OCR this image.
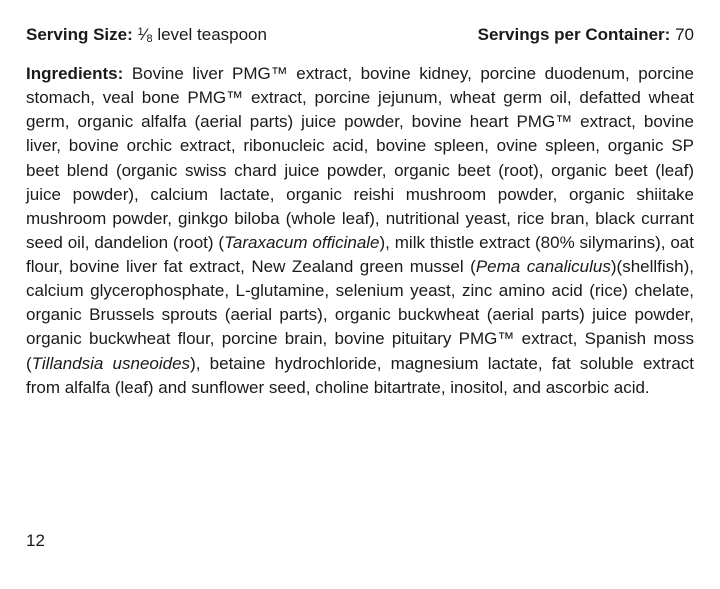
Serving Size: $^1$⁄8 level teaspoon	Servings per Container: 70

Ingredients: Bovine liver PMG™ extract, bovine kidney, porcine duodenum, porcine stomach, veal bone PMG™ extract, porcine jejunum, wheat germ oil, defatted wheat germ, organic alfalfa (aerial parts) juice powder, bovine heart PMG™ extract, bovine liver, bovine orchic extract, ribonucleic acid, bovine spleen, ovine spleen, organic SP beet blend (organic swiss chard juice powder, organic beet (root), organic beet (leaf) juice powder), calcium lactate, organic reishi mushroom powder, organic shiitake mushroom powder, ginkgo biloba (whole leaf), nutritional yeast, rice bran, black currant seed oil, dandelion (root) (Taraxacum officinale), milk thistle extract (80% silymarins), oat flour, bovine liver fat extract, New Zealand green mussel (Pema canaliculus)(shellfish), calcium glycerophosphate, L-glutamine, selenium yeast, zinc amino acid (rice) chelate, organic Brussels sprouts (aerial parts), organic buckwheat (aerial parts) juice powder, organic buckwheat flour, porcine brain, bovine pituitary PMG™ extract, Spanish moss (Tillandsia usneoides), betaine hydrochloride, magnesium lactate, fat soluble extract from alfalfa (leaf) and sunflower seed, choline bitartrate, inositol, and ascorbic acid.

12
